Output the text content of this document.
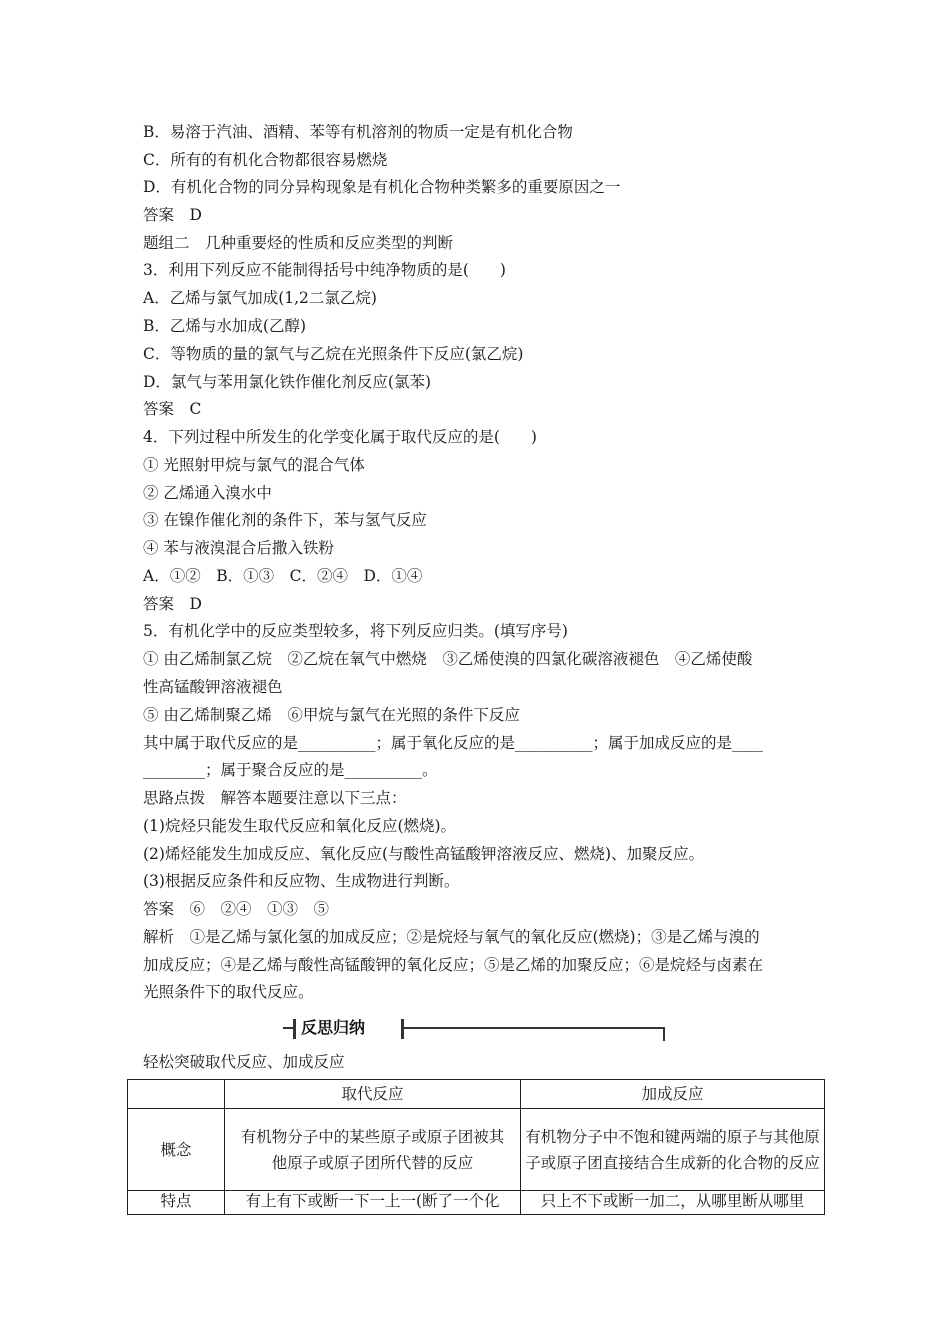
B．易溶于汽油、酒精、苯等有机溶剂的物质一定是有机化合物
C．所有的有机化合物都很容易燃烧
D．有机化合物的同分异构现象是有机化合物种类繁多的重要原因之一
答案　D
题组二　几种重要烃的性质和反应类型的判断
3．利用下列反应不能制得括号中纯净物质的是(　　)
A．乙烯与氯气加成(1,2二氯乙烷)
B．乙烯与水加成(乙醇)
C．等物质的量的氯气与乙烷在光照条件下反应(氯乙烷)
D．氯气与苯用氯化铁作催化剂反应(氯苯)
答案　C
4．下列过程中所发生的化学变化属于取代反应的是(　　)
① 光照射甲烷与氯气的混合气体
② 乙烯通入溴水中
③ 在镍作催化剂的条件下，苯与氢气反应
④ 苯与液溴混合后撒入铁粉
A．①②　B．①③　C．②④　D．①④
答案　D
5．有机化学中的反应类型较多，将下列反应归类。(填写序号)
① 由乙烯制氯乙烷　②乙烷在氧气中燃烧　③乙烯使溴的四氯化碳溶液褪色　④乙烯使酸
性高锰酸钾溶液褪色
⑤ 由乙烯制聚乙烯　⑥甲烷与氯气在光照的条件下反应
其中属于取代反应的是__________；属于氧化反应的是__________；属于加成反应的是____
________；属于聚合反应的是__________。
思路点拨　解答本题要注意以下三点：
(1)烷烃只能发生取代反应和氧化反应(燃烧)。
(2)烯烃能发生加成反应、氧化反应(与酸性高锰酸钾溶液反应、燃烧)、加聚反应。
(3)根据反应条件和反应物、生成物进行判断。
答案　⑥　②④　①③　⑤
解析　①是乙烯与氯化氢的加成反应；②是烷烃与氧气的氧化反应(燃烧)；③是乙烯与溴的
加成反应；④是乙烯与酸性高锰酸钾的氧化反应；⑤是乙烯的加聚反应；⑥是烷烃与卤素在
光照条件下的取代反应。
反思归纳
轻松突破取代反应、加成反应
	取代反应	加成反应
概念	有机物分子中的某些原子或原子团被其他原子或原子团所代替的反应	有机物分子中不饱和键两端的原子与其他原子或原子团直接结合生成新的化合物的反应
特点	有上有下或断一下一上一(断了一个化	只上不下或断一加二，从哪里断从哪里
